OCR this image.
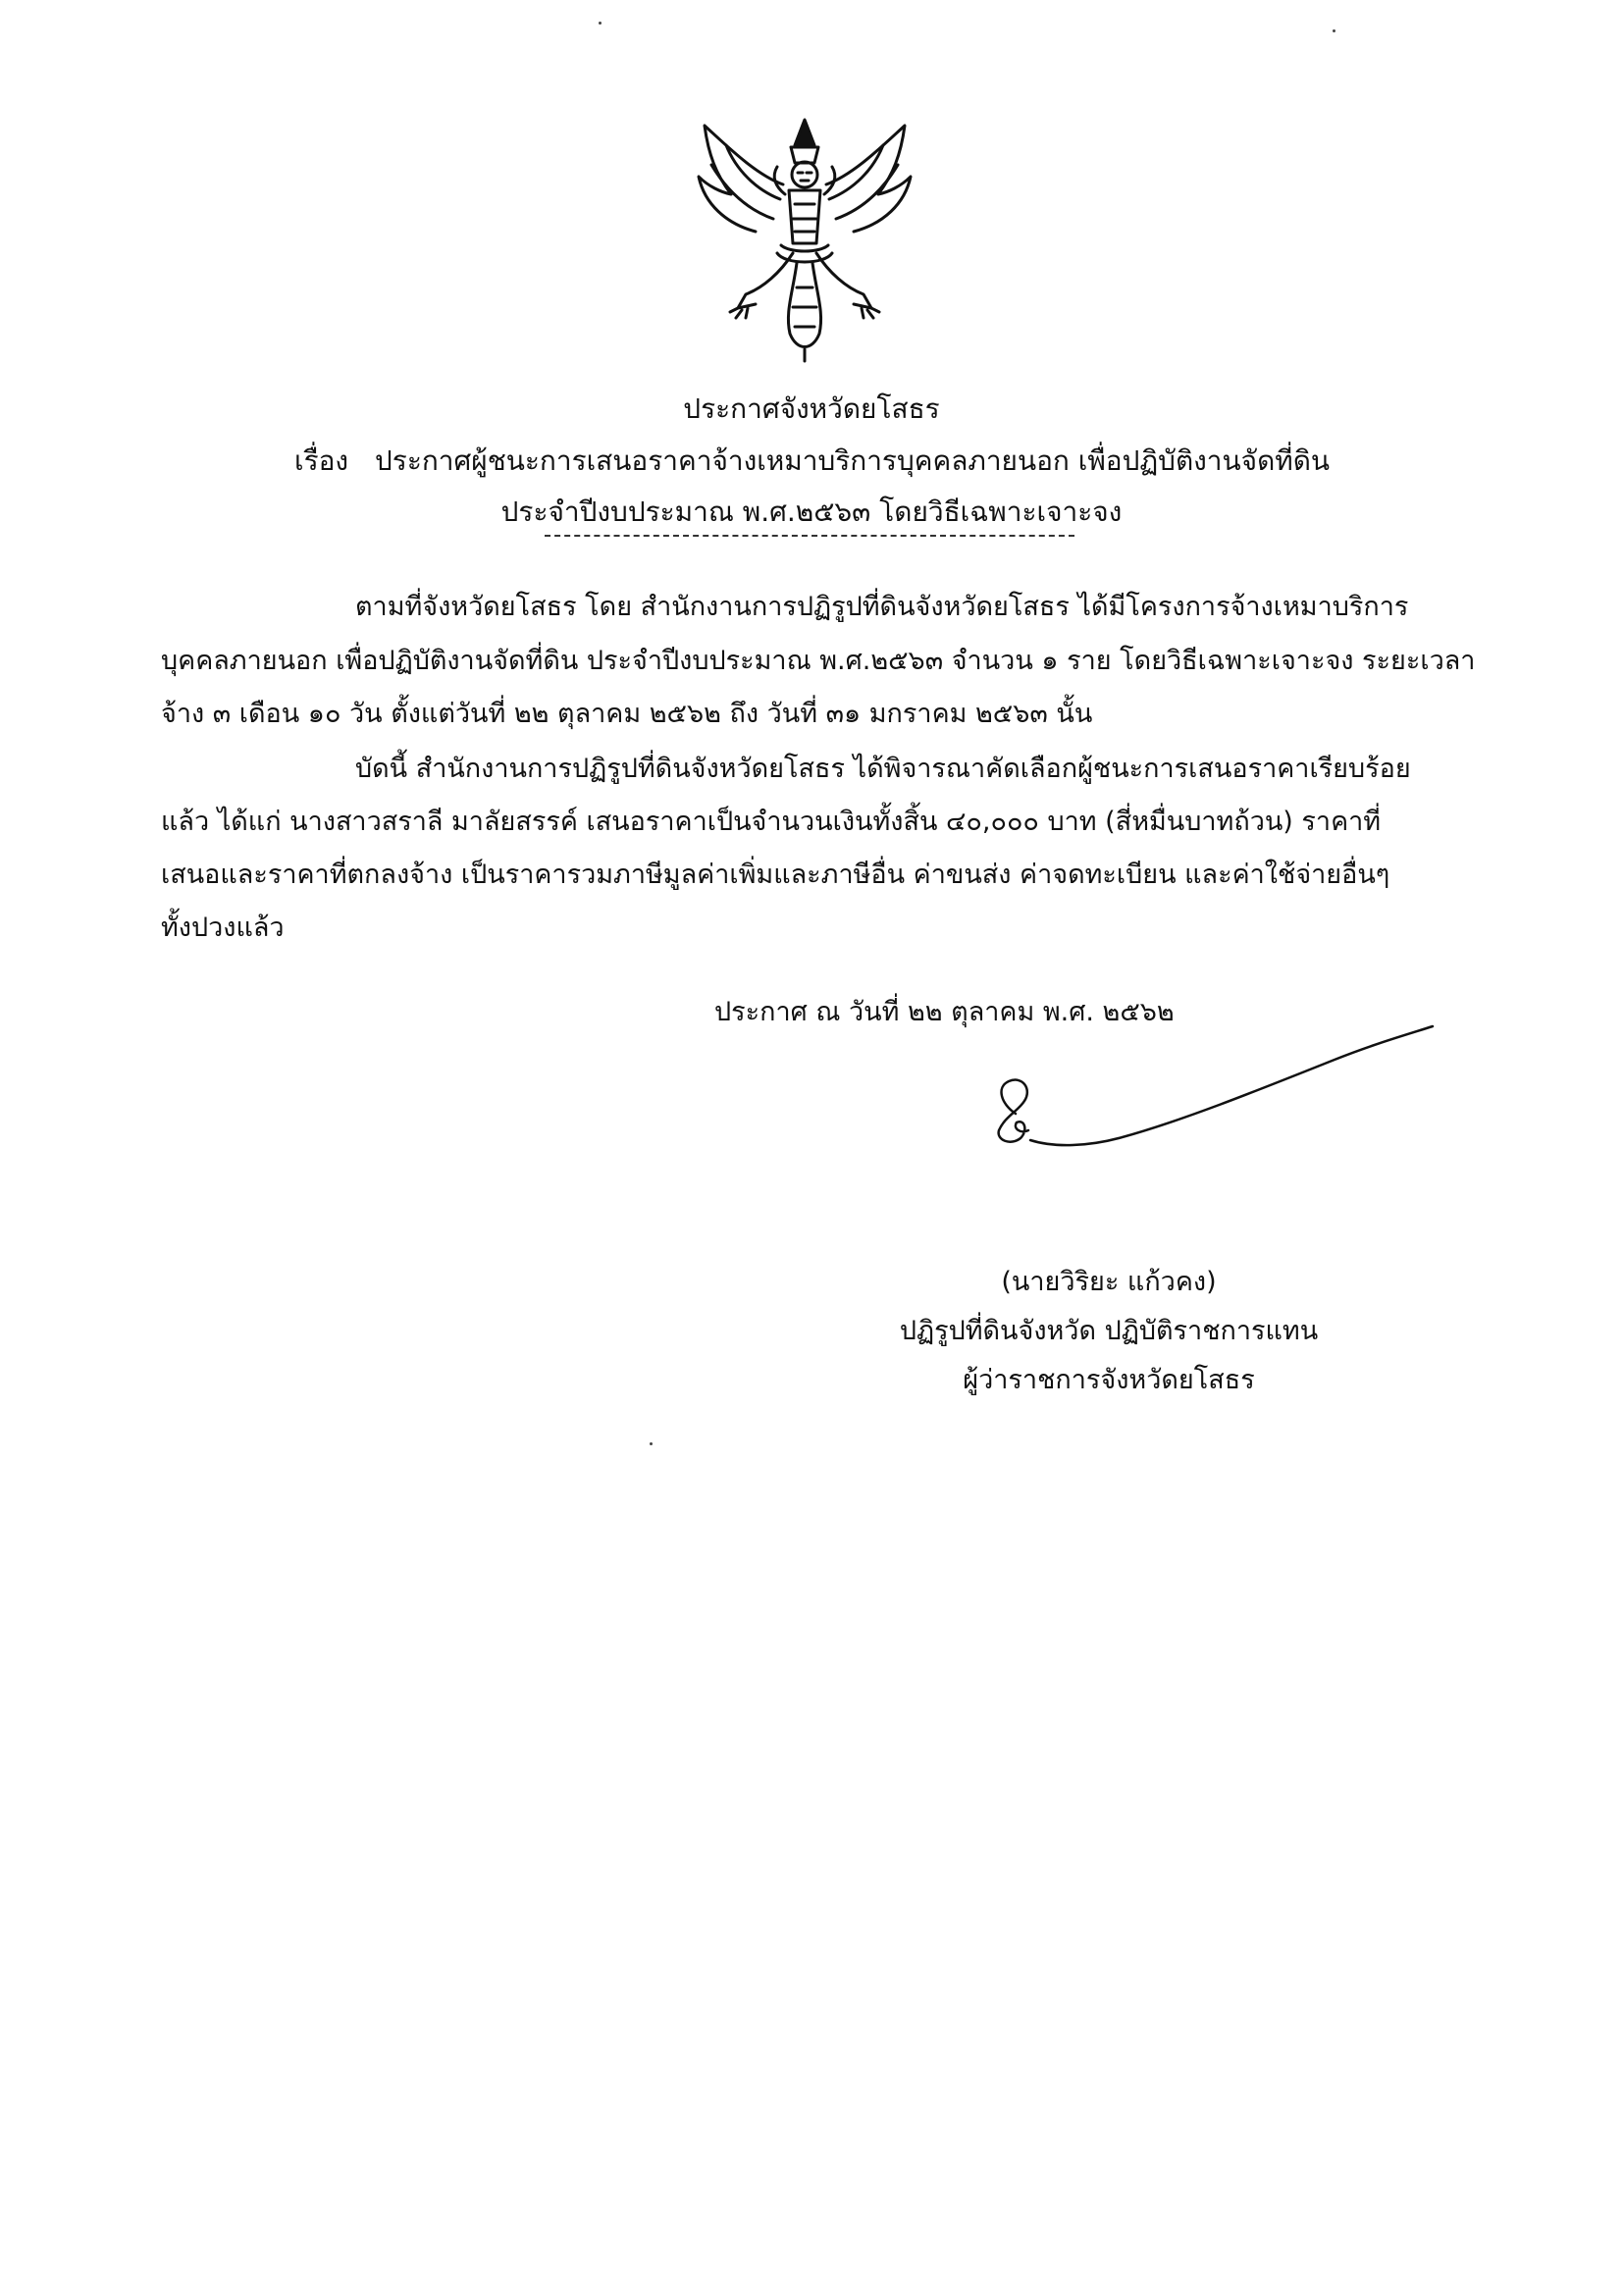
ประกาศจังหวัดยโสธร
เรื่อง ประกาศผู้ชนะการเสนอราคาจ้างเหมาบริการบุคคลภายนอก เพื่อปฏิบัติงานจัดที่ดิน
ประจำปีงบประมาณ พ.ศ.๒๕๖๓ โดยวิธีเฉพาะเจาะจง
ตามที่จังหวัดยโสธร โดย สำนักงานการปฏิรูปที่ดินจังหวัดยโสธร ได้มีโครงการจ้างเหมาบริการ
บุคคลภายนอก เพื่อปฏิบัติงานจัดที่ดิน ประจำปีงบประมาณ พ.ศ.๒๕๖๓ จำนวน ๑ ราย โดยวิธีเฉพาะเจาะจง ระยะเวลา
จ้าง ๓ เดือน ๑๐ วัน ตั้งแต่วันที่ ๒๒ ตุลาคม ๒๕๖๒ ถึง วันที่ ๓๑ มกราคม ๒๕๖๓ นั้น
บัดนี้ สำนักงานการปฏิรูปที่ดินจังหวัดยโสธร ได้พิจารณาคัดเลือกผู้ชนะการเสนอราคาเรียบร้อย
แล้ว ได้แก่ นางสาวสราลี มาลัยสรรค์ เสนอราคาเป็นจำนวนเงินทั้งสิ้น ๔๐,๐๐๐ บาท (สี่หมื่นบาทถ้วน) ราคาที่
เสนอและราคาที่ตกลงจ้าง เป็นราคารวมภาษีมูลค่าเพิ่มและภาษีอื่น ค่าขนส่ง ค่าจดทะเบียน และค่าใช้จ่ายอื่นๆ
ทั้งปวงแล้ว
ประกาศ ณ วันที่ ๒๒ ตุลาคม พ.ศ. ๒๕๖๒
(นายวิริยะ แก้วคง)
ปฏิรูปที่ดินจังหวัด ปฏิบัติราชการแทน
ผู้ว่าราชการจังหวัดยโสธร
